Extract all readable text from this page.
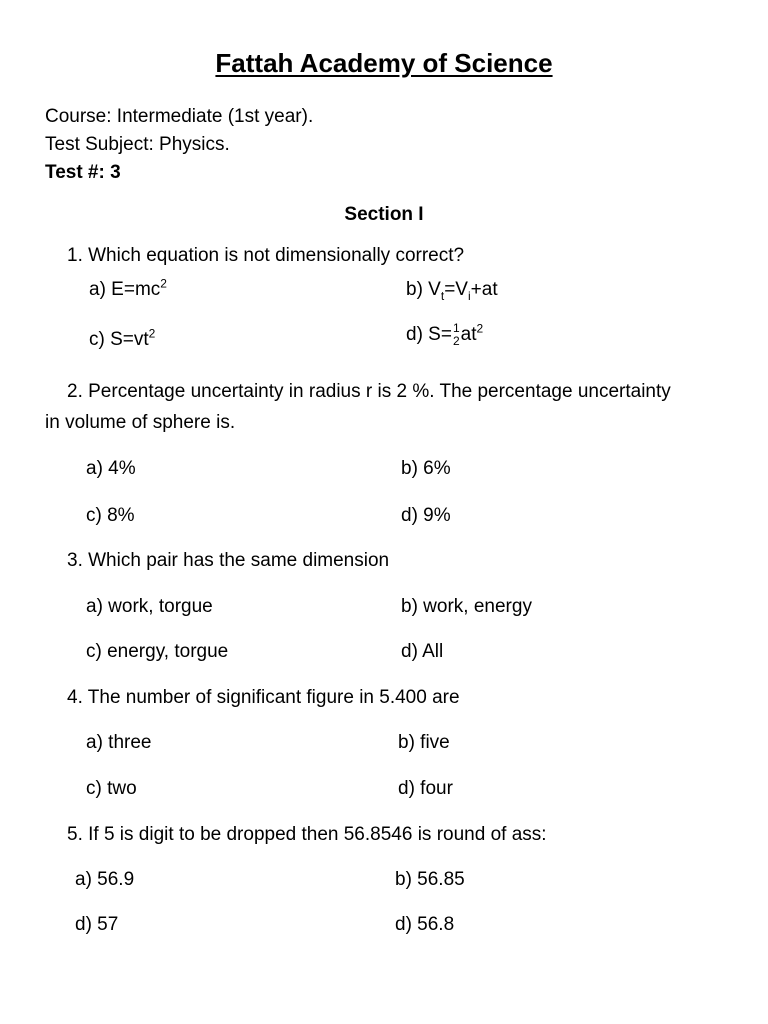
Fattah Academy of Science
Course: Intermediate (1st year).
Test Subject: Physics.
Test #: 3
Section I
1. Which equation is not dimensionally correct?
a) $E=mc^2$	b) $V_t=V_i+at$
c) $S=vt^2$	d) S= 1
2 $at^2$
2. Percentage uncertainty in radius r is 2 %. The percentage uncertainty
in volume of sphere is.
a) 4%	b) 6%
c) 8%	d) 9%
3. Which pair has the same dimension
a) work, torgue	b) work, energy
c) energy, torgue	d) All
4. The number of significant figure in 5.400 are
a) three	b) five
c) two	d) four
5. If 5 is digit to be dropped then 56.8546 is round of ass:
a) 56.9	b) 56.85
d) 57	d) 56.8
